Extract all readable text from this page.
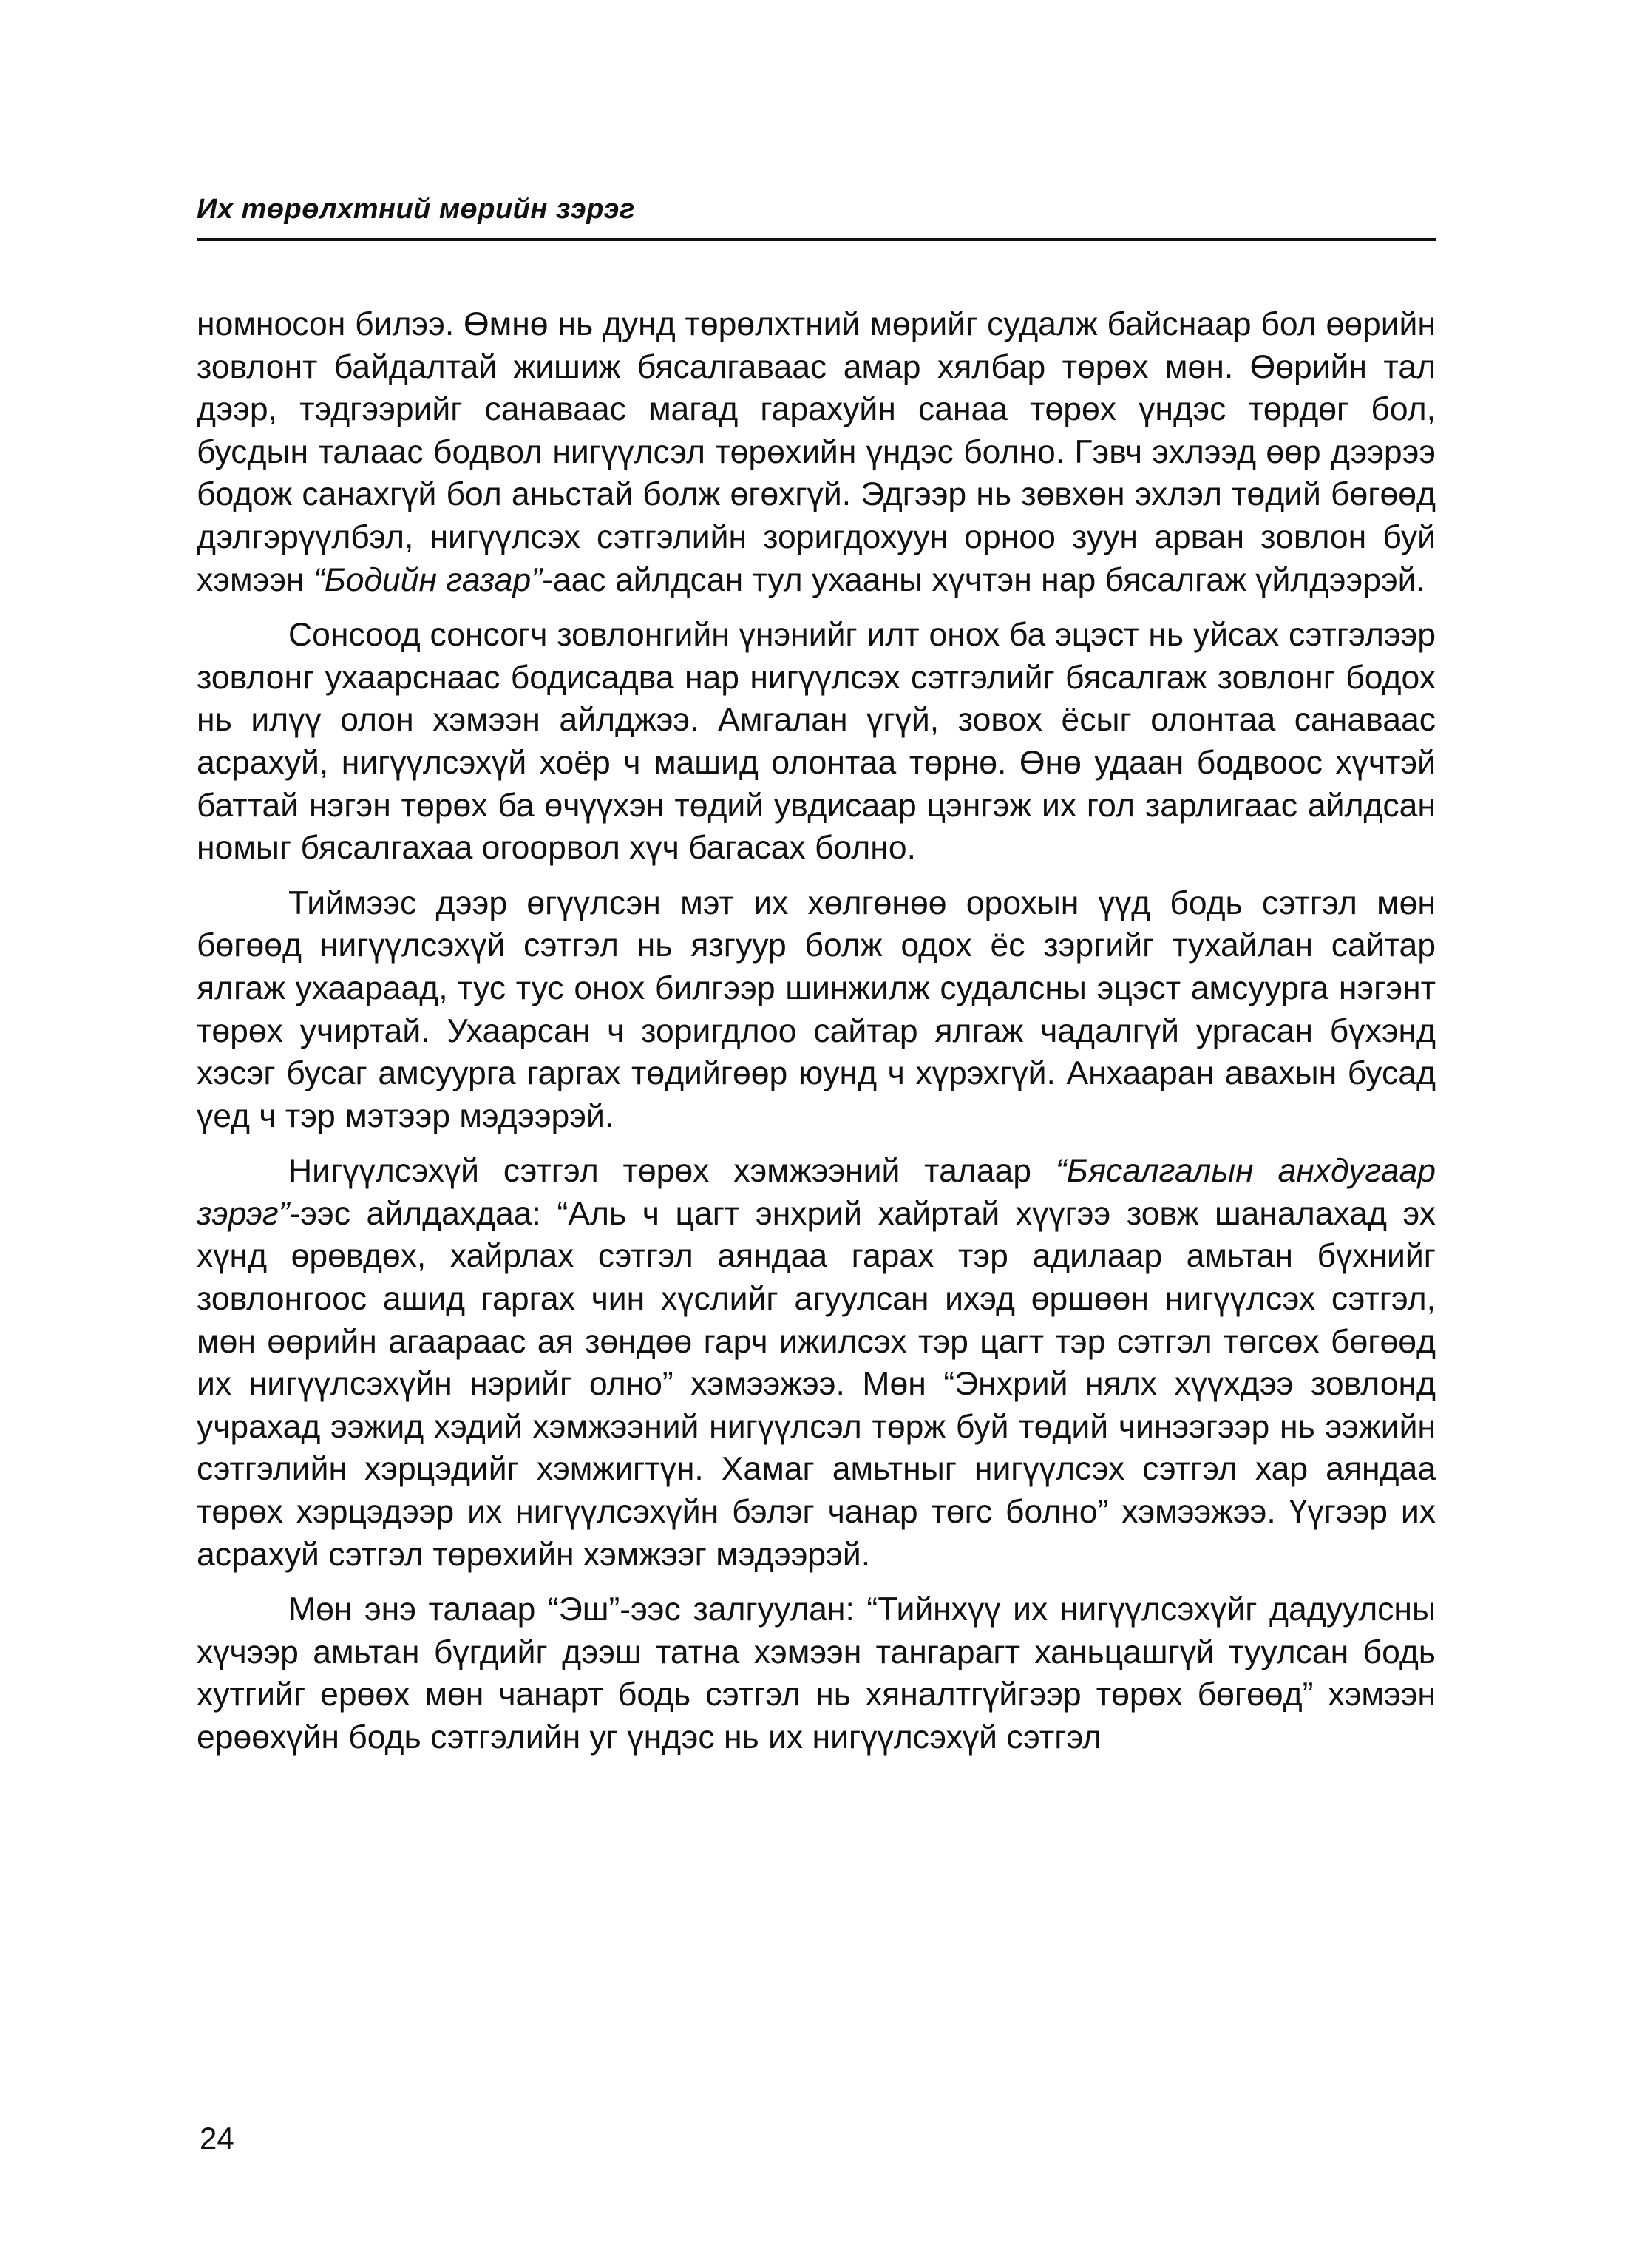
Их төрөлхтний мөрийн зэрэг

номносон билээ. Өмнө нь дунд төрөлхтний мөрийг судалж байснаар бол өөрийн зовлонт байдалтай жишиж бясалгаваас амар хялбар төрөх мөн. Өөрийн тал дээр, тэдгээрийг санаваас магад гарахуйн санаа төрөх үндэс төрдөг бол, бусдын талаас бодвол нигүүлсэл төрөхийн үндэс болно. Гэвч эхлээд өөр дээрээ бодож санахгүй бол аньстай болж өгөхгүй. Эдгээр нь зөвхөн эхлэл төдий бөгөөд дэлгэрүүлбэл, нигүүлсэх сэтгэлийн зоригдохуун орноо зуун арван зовлон буй хэмээн “Бодийн газар”-аас айлдсан тул ухааны хүчтэн нар бясалгаж үйлдээрэй.

Сонсоод сонсогч зовлонгийн үнэнийг илт онох ба эцэст нь уйсах сэтгэлээр зовлонг ухаарснаас бодисадва нар нигүүлсэх сэтгэлийг бясалгаж зовлонг бодох нь илүү олон хэмээн айлджээ. Амгалан үгүй, зовох ёсыг олонтаа санаваас асрахуй, нигүүлсэхүй хоёр ч машид олонтаа төрнө. Өнө удаан бодвоос хүчтэй баттай нэгэн төрөх ба өчүүхэн төдий увдисаар цэнгэж их гол зарлигаас айлдсан номыг бясалгахаа огоорвол хүч багасах болно.

Тиймээс дээр өгүүлсэн мэт их хөлгөнөө орохын үүд бодь сэтгэл мөн бөгөөд нигүүлсэхүй сэтгэл нь язгуур болж одох ёс зэргийг тухайлан сайтар ялгаж ухаараад, тус тус онох билгээр шинжилж судалсны эцэст амсуурга нэгэнт төрөх учиртай. Ухаарсан ч зоригдлоо сайтар ялгаж чадалгүй ургасан бүхэнд хэсэг бусаг амсуурга гаргах төдийгөөр юунд ч хүрэхгүй. Анхааран авахын бусад үед ч тэр мэтээр мэдээрэй.

Нигүүлсэхүй сэтгэл төрөх хэмжээний талаар “Бясалгалын анхдугаар зэрэг”-ээс айлдахдаа: “Аль ч цагт энхрий хайртай хүүгээ зовж шаналахад эх хүнд өрөвдөх, хайрлах сэтгэл аяндаа гарах тэр адилаар амьтан бүхнийг зовлонгоос ашид гаргах чин хүслийг агуулсан ихэд өршөөн нигүүлсэх сэтгэл, мөн өөрийн агаараас ая зөндөө гарч ижилсэх тэр цагт тэр сэтгэл төгсөх бөгөөд их нигүүлсэхүйн нэрийг олно” хэмээжээ. Мөн “Энхрий нялх хүүхдээ зовлонд учрахад ээжид хэдий хэмжээний нигүүлсэл төрж буй төдий чинээгээр нь ээжийн сэтгэлийн хэрцэдийг хэмжигтүн. Хамаг амьтныг нигүүлсэх сэтгэл хар аяндаа төрөх хэрцэдээр их нигүүлсэхүйн бэлэг чанар төгс болно” хэмээжээ. Үүгээр их асрахуй сэтгэл төрөхийн хэмжээг мэдээрэй.

Мөн энэ талаар “Эш”-ээс залгуулан: “Тийнхүү их нигүүлсэхүйг дадуулсны хүчээр амьтан бүгдийг дээш татна хэмээн тангарагт ханьцашгүй туулсан бодь хутгийг ерөөх мөн чанарт бодь сэтгэл нь хяналтгүйгээр төрөх бөгөөд” хэмээн ерөөхүйн бодь сэтгэлийн уг үндэс нь их нигүүлсэхүй сэтгэл

24
